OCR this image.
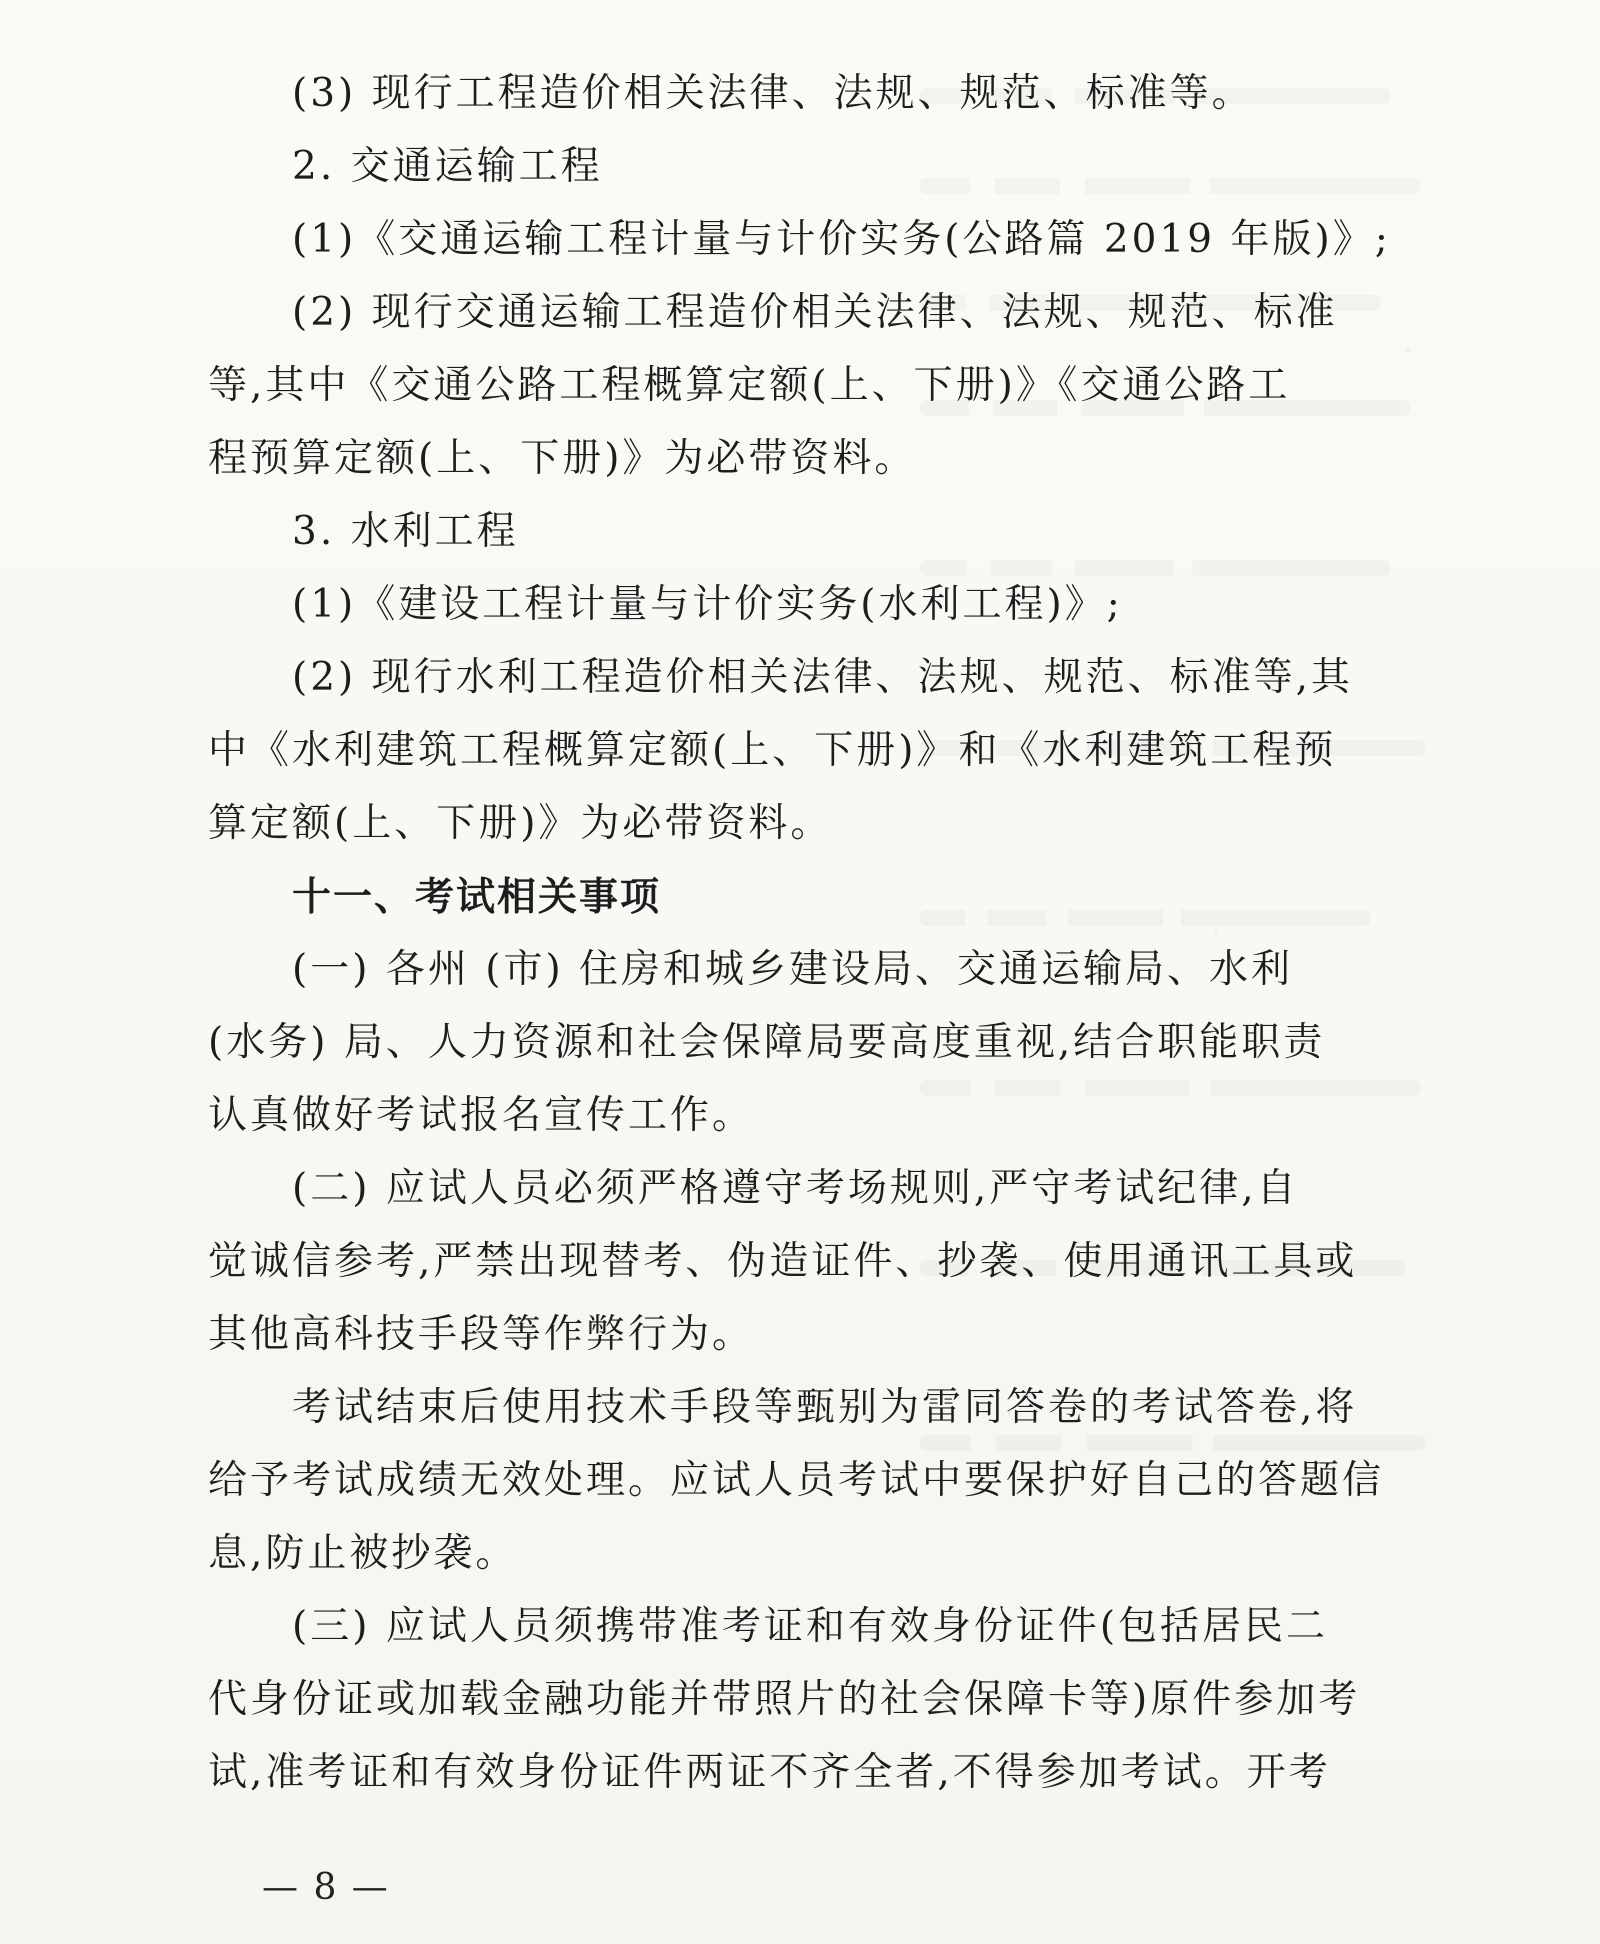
(3) 现行工程造价相关法律、法规、规范、标准等。
2. 交通运输工程
(1)《交通运输工程计量与计价实务(公路篇 2019 年版)》;
(2) 现行交通运输工程造价相关法律、法规、规范、标准
等,其中《交通公路工程概算定额(上、下册)》《交通公路工
程预算定额(上、下册)》为必带资料。
3. 水利工程
(1)《建设工程计量与计价实务(水利工程)》;
(2) 现行水利工程造价相关法律、法规、规范、标准等,其
中《水利建筑工程概算定额(上、下册)》和《水利建筑工程预
算定额(上、下册)》为必带资料。
十一、考试相关事项
(一) 各州 (市) 住房和城乡建设局、交通运输局、水利
(水务) 局、人力资源和社会保障局要高度重视,结合职能职责
认真做好考试报名宣传工作。
(二) 应试人员必须严格遵守考场规则,严守考试纪律,自
觉诚信参考,严禁出现替考、伪造证件、抄袭、使用通讯工具或
其他高科技手段等作弊行为。
考试结束后使用技术手段等甄别为雷同答卷的考试答卷,将
给予考试成绩无效处理。应试人员考试中要保护好自己的答题信
息,防止被抄袭。
(三) 应试人员须携带准考证和有效身份证件(包括居民二
代身份证或加载金融功能并带照片的社会保障卡等)原件参加考
试,准考证和有效身份证件两证不齐全者,不得参加考试。开考
— 8 —
